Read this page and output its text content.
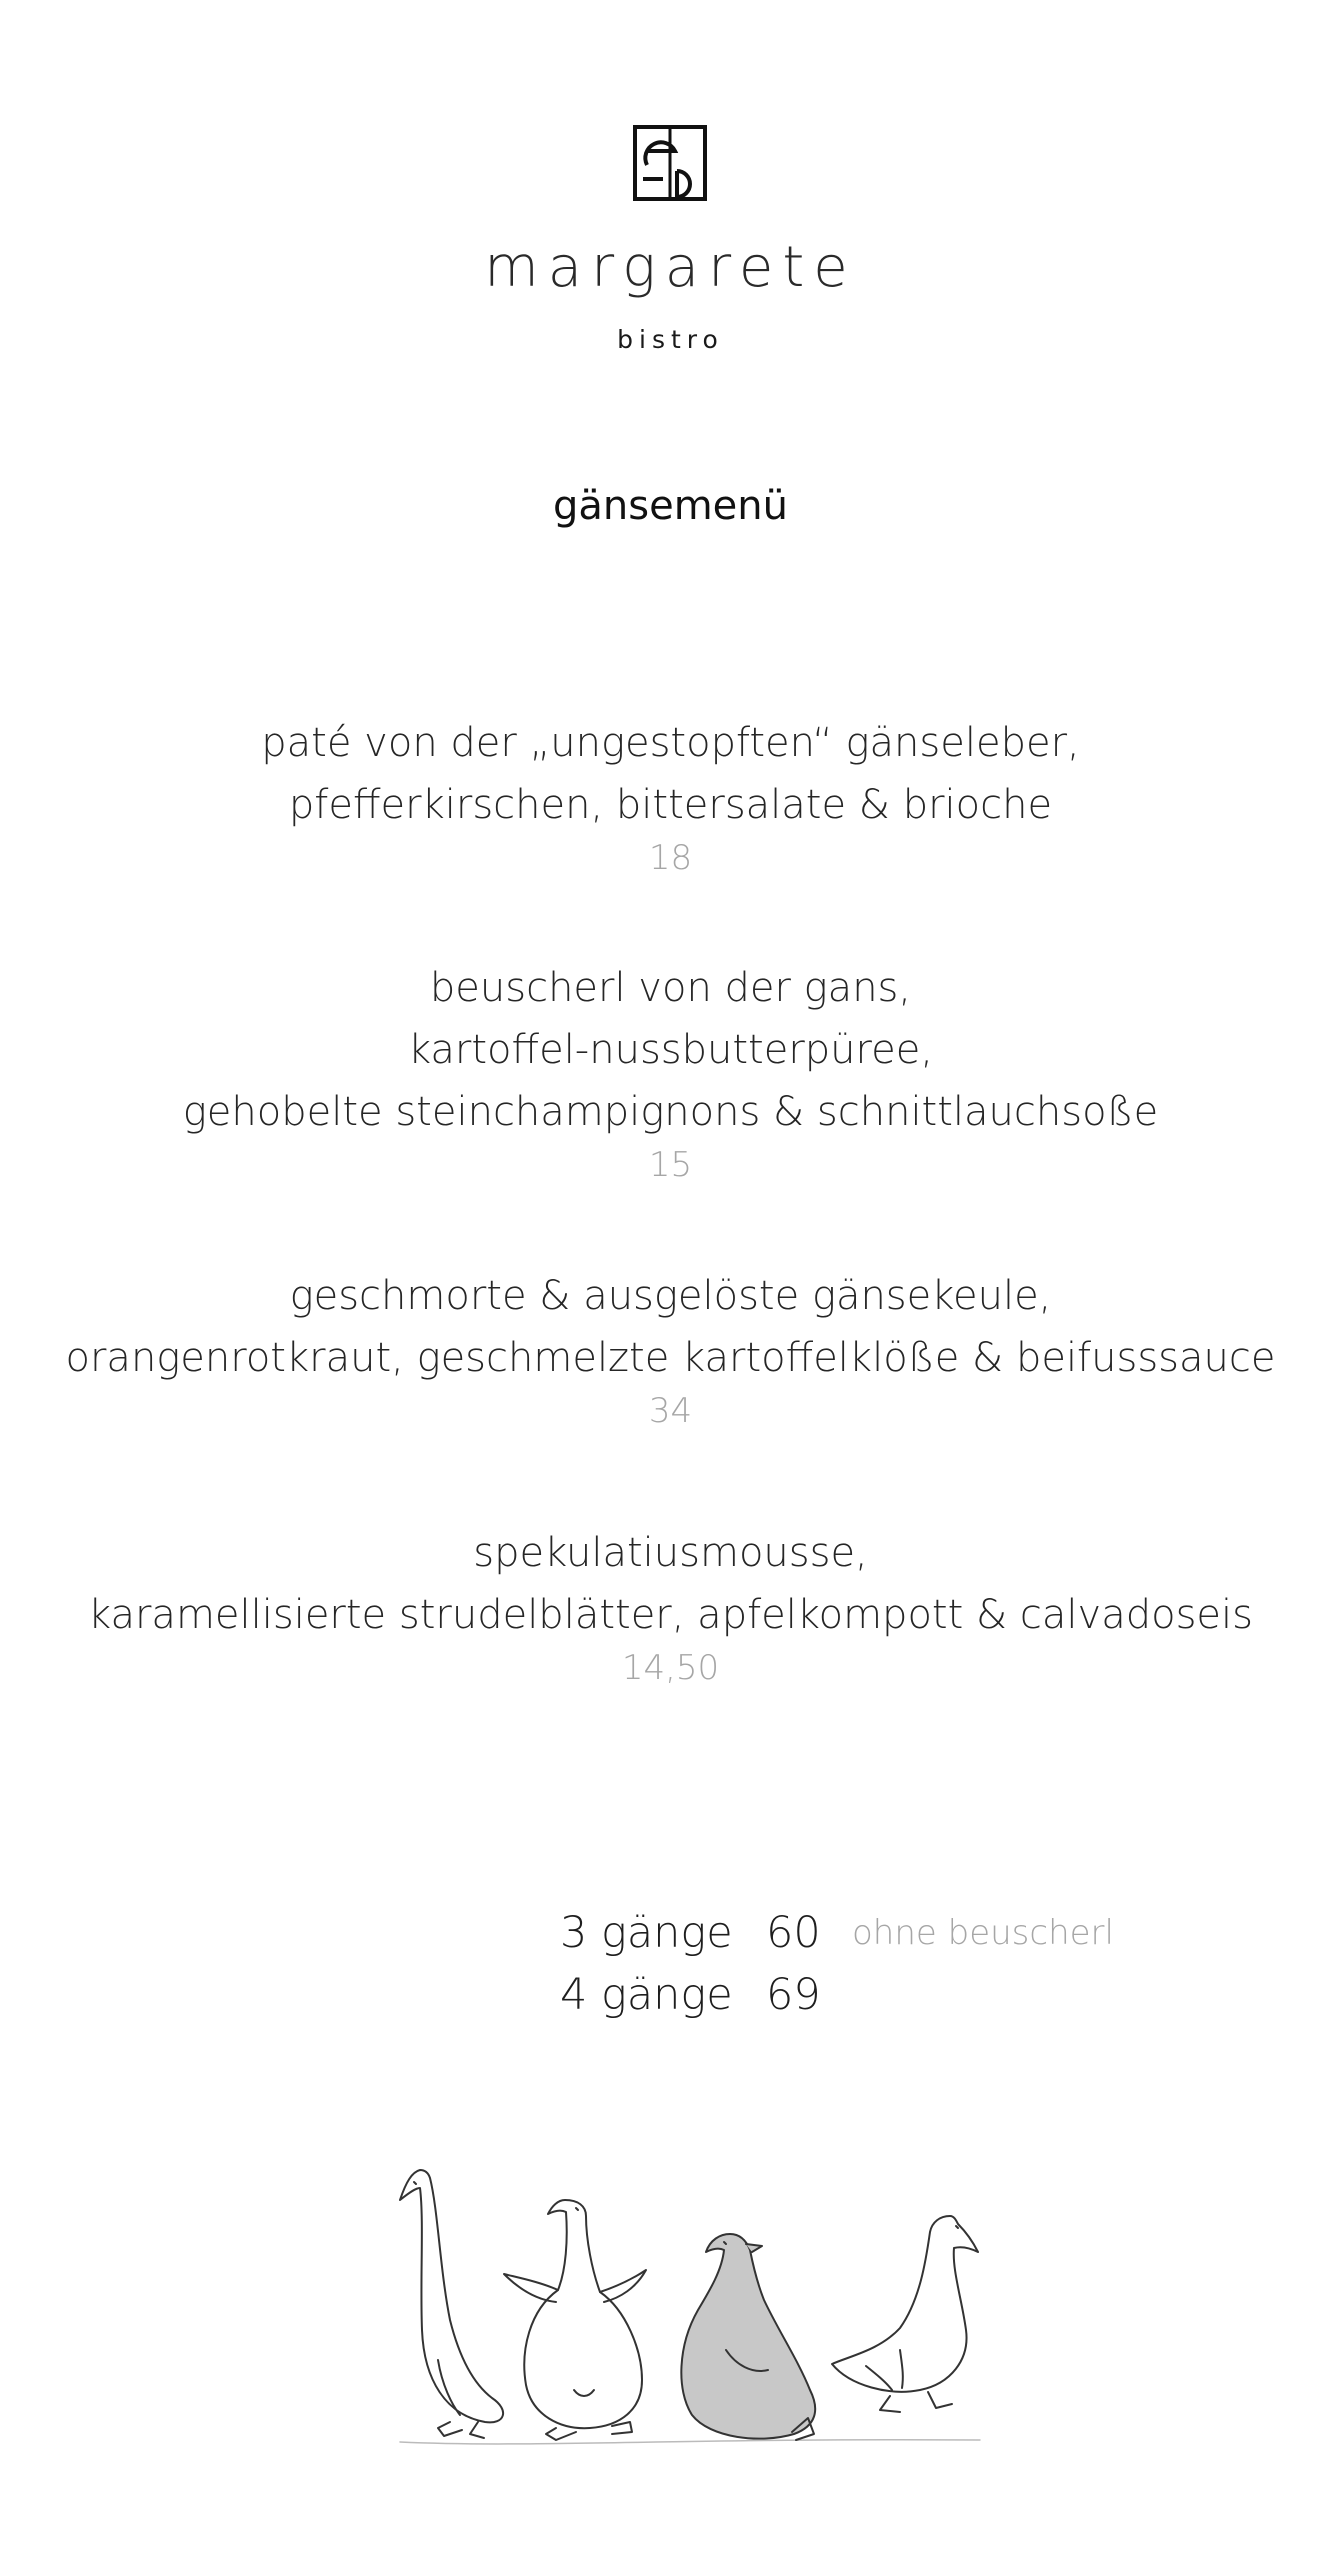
margarete
bistro
gänsemenü
paté von der „ungestopften“ gänseleber,
pfefferkirschen, bittersalate & brioche
18
beuscherl von der gans,
kartoffel-nussbutterpüree,
gehobelte steinchampignons & schnittlauchsoße
15
geschmorte & ausgelöste gänsekeule,
orangenrotkraut, geschmelzte kartoffelklöße & beifusssauce
34
spekulatiusmousse,
karamellisierte strudelblätter, apfelkompott & calvadoseis
14,50
3 gänge 60 ohne beuscherl
4 gänge 69
